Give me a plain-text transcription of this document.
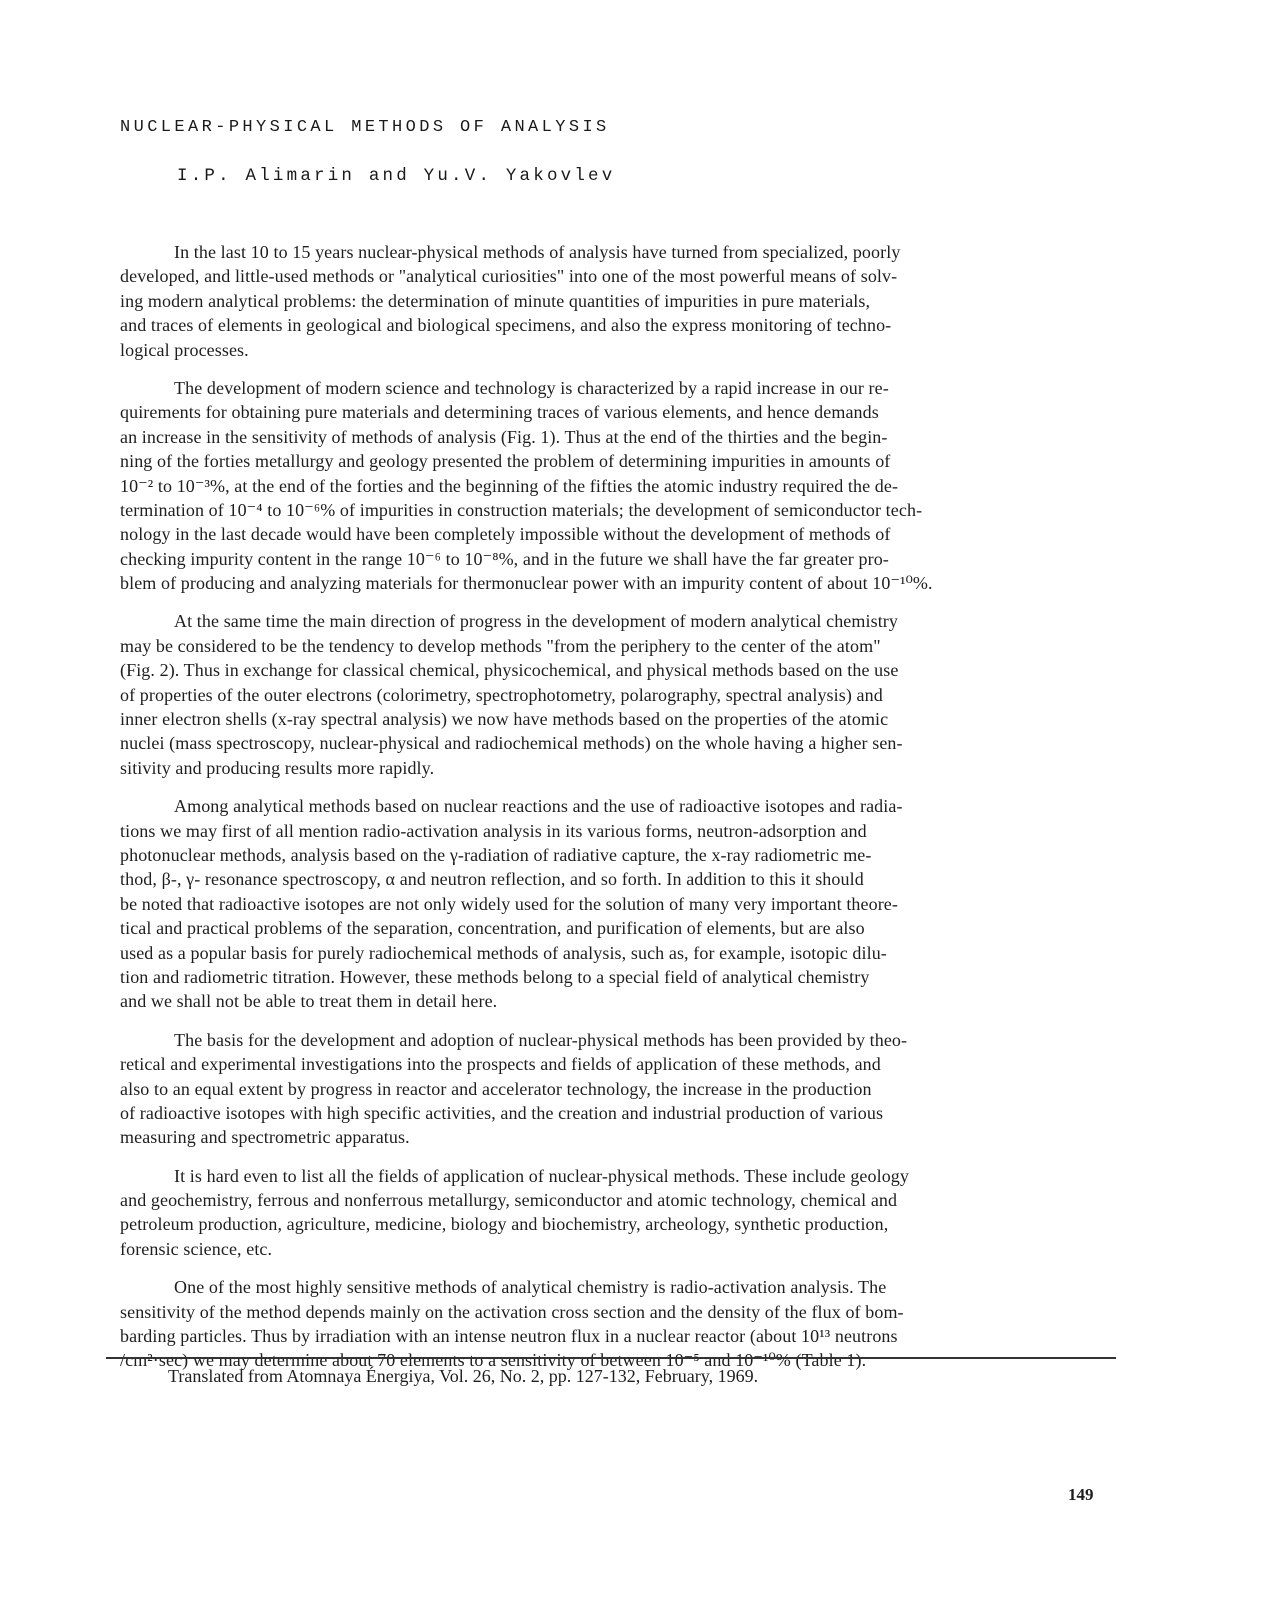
NUCLEAR-PHYSICAL METHODS OF ANALYSIS
I.P. Alimarin and Yu.V. Yakovlev
In the last 10 to 15 years nuclear-physical methods of analysis have turned from specialized, poorly
developed, and little-used methods or "analytical curiosities" into one of the most powerful means of solv-
ing modern analytical problems: the determination of minute quantities of impurities in pure materials,
and traces of elements in geological and biological specimens, and also the express monitoring of techno-
logical processes.
The development of modern science and technology is characterized by a rapid increase in our re-
quirements for obtaining pure materials and determining traces of various elements, and hence demands
an increase in the sensitivity of methods of analysis (Fig. 1). Thus at the end of the thirties and the begin-
ning of the forties metallurgy and geology presented the problem of determining impurities in amounts of
10⁻² to 10⁻³%, at the end of the forties and the beginning of the fifties the atomic industry required the de-
termination of 10⁻⁴ to 10⁻⁶% of impurities in construction materials; the development of semiconductor tech-
nology in the last decade would have been completely impossible without the development of methods of
checking impurity content in the range 10⁻⁶ to 10⁻⁸%, and in the future we shall have the far greater pro-
blem of producing and analyzing materials for thermonuclear power with an impurity content of about 10⁻¹⁰%.
At the same time the main direction of progress in the development of modern analytical chemistry
may be considered to be the tendency to develop methods "from the periphery to the center of the atom"
(Fig. 2). Thus in exchange for classical chemical, physicochemical, and physical methods based on the use
of properties of the outer electrons (colorimetry, spectrophotometry, polarography, spectral analysis) and
inner electron shells (x-ray spectral analysis) we now have methods based on the properties of the atomic
nuclei (mass spectroscopy, nuclear-physical and radiochemical methods) on the whole having a higher sen-
sitivity and producing results more rapidly.
Among analytical methods based on nuclear reactions and the use of radioactive isotopes and radia-
tions we may first of all mention radio-activation analysis in its various forms, neutron-adsorption and
photonuclear methods, analysis based on the γ-radiation of radiative capture, the x-ray radiometric me-
thod, β-, γ- resonance spectroscopy, α and neutron reflection, and so forth. In addition to this it should
be noted that radioactive isotopes are not only widely used for the solution of many very important theore-
tical and practical problems of the separation, concentration, and purification of elements, but are also
used as a popular basis for purely radiochemical methods of analysis, such as, for example, isotopic dilu-
tion and radiometric titration. However, these methods belong to a special field of analytical chemistry
and we shall not be able to treat them in detail here.
The basis for the development and adoption of nuclear-physical methods has been provided by theo-
retical and experimental investigations into the prospects and fields of application of these methods, and
also to an equal extent by progress in reactor and accelerator technology, the increase in the production
of radioactive isotopes with high specific activities, and the creation and industrial production of various
measuring and spectrometric apparatus.
It is hard even to list all the fields of application of nuclear-physical methods. These include geology
and geochemistry, ferrous and nonferrous metallurgy, semiconductor and atomic technology, chemical and
petroleum production, agriculture, medicine, biology and biochemistry, archeology, synthetic production,
forensic science, etc.
One of the most highly sensitive methods of analytical chemistry is radio-activation analysis. The
sensitivity of the method depends mainly on the activation cross section and the density of the flux of bom-
barding particles. Thus by irradiation with an intense neutron flux in a nuclear reactor (about 10¹³ neutrons
/cm²·sec) we may determine about 70 elements to a sensitivity of between 10⁻⁵ and 10⁻¹⁰% (Table 1).
Translated from Atomnaya Énergiya, Vol. 26, No. 2, pp. 127-132, February, 1969.
149
